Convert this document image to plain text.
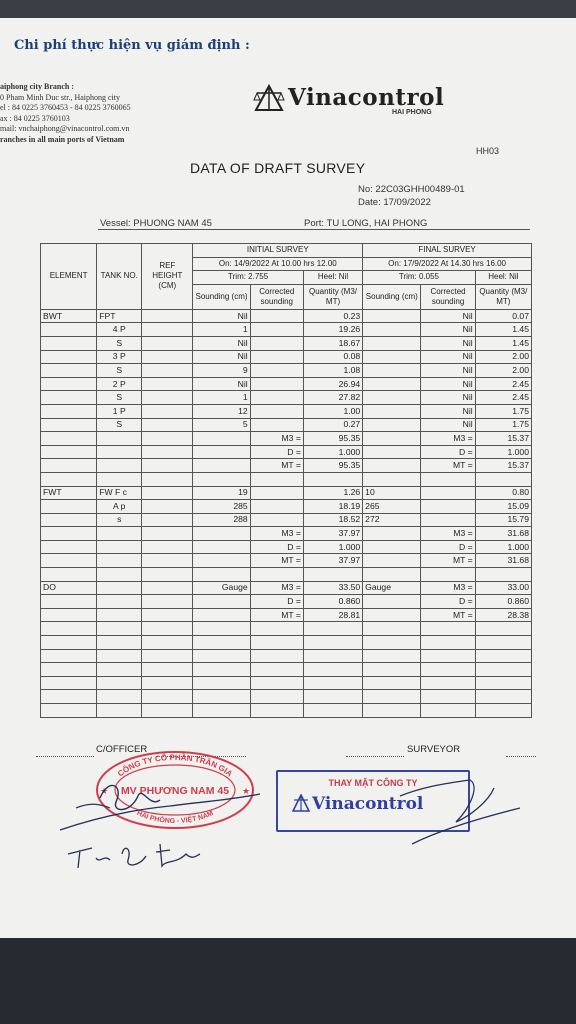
Chi phí thực hiện vụ giám định :
aiphong city Branch :
0 Pham Minh Duc str., Haiphong city
el : 84 0225 3760453 - 84 0225 3760065
ax : 84 0225 3760103
mail: vnchaiphong@vinacontrol.com.vn
ranches in all main ports of Vietnam
Vinacontrol
HAI PHONG
HH03
DATA OF DRAFT SURVEY
No: 22C03GHH00489-01
Date: 17/09/2022
Vessel: PHUONG NAM 45	Port: TU LONG, HAI PHONG
ELEMENT	TANK NO.	REF HEIGHT (CM)	INITIAL SURVEY			FINAL SURVEY		
			On: 14/9/2022 At 10.00 hrs 12.00			On: 17/9/2022 At 14.30 hrs 16.00		
			Trim: 2.755		Heel: Nil	Trim: 0.055		Heel: Nil
			Sounding (cm)	Corrected sounding	Quantity (M3/ MT)	Sounding (cm)	Corrected sounding	Quantity (M3/ MT)
BWT	FPT		Nil		0.23		Nil	0.07
	4 P		1		19.26		Nil	1.45
	S		Nil		18.67		Nil	1.45
	3 P		Nil		0.08		Nil	2.00
	S		9		1.08		Nil	2.00
	2 P		Nil		26.94		Nil	2.45
	S		1		27.82		Nil	2.45
	1 P		12		1.00		Nil	1.75
	S		5		0.27		Nil	1.75
				M3 =	95.35		M3 =	15.37
				D =	1.000		D =	1.000
				MT =	95.35		MT =	15.37

FWT	FW F c		19		1.26	10		0.80
	A p		285		18.19	265		15.09
	s		288		18.52	272		15.79
				M3 =	37.97		M3 =	31.68
				D =	1.000		D =	1.000
				MT =	37.97		MT =	31.68

DO			Gauge	M3 =	33.50	Gauge	M3 =	33.00
				D =	0.860		D =	0.860
				MT =	28.81		MT =	28.38

C/OFFICER	SURVEYOR
CÔNG TY CỔ PHẦN TRẦN GIA
MV PHƯƠNG NAM 45
HẢI PHÒNG - VIỆT NAM
★	★
THAY MẶT CÔNG TY
Vinacontrol
